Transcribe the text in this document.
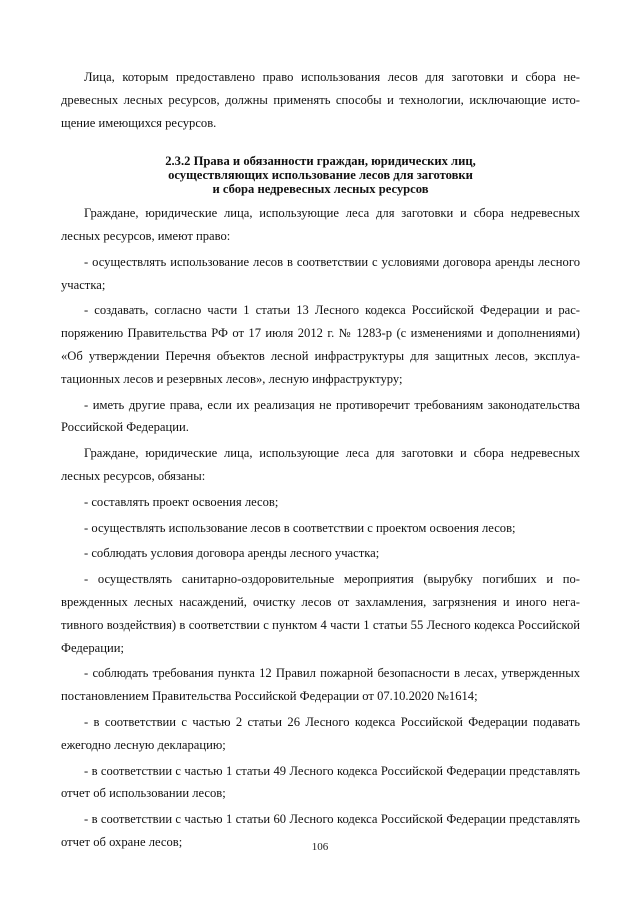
Лица, которым предоставлено право использования лесов для заготовки и сбора недревесных лесных ресурсов, должны применять способы и технологии, исключающие истощение имеющихся ресурсов.

2.3.2 Права и обязанности граждан, юридических лиц,
осуществляющих использование лесов для заготовки
и сбора недревесных лесных ресурсов

Граждане, юридические лица, использующие леса для заготовки и сбора недревесных лесных ресурсов, имеют право:

- осуществлять использование лесов в соответствии с условиями договора аренды лесного участка;

- создавать, согласно части 1 статьи 13 Лесного кодекса Российской Федерации и распоряжению Правительства РФ от 17 июля 2012 г. № 1283-р (с изменениями и дополнениями) «Об утверждении Перечня объектов лесной инфраструктуры для защитных лесов, эксплуатационных лесов и резервных лесов», лесную инфраструктуру;

- иметь другие права, если их реализация не противоречит требованиям законодательства Российской Федерации.

Граждане, юридические лица, использующие леса для заготовки и сбора недревесных лесных ресурсов, обязаны:

- составлять проект освоения лесов;

- осуществлять использование лесов в соответствии с проектом освоения лесов;

- соблюдать условия договора аренды лесного участка;

- осуществлять санитарно-оздоровительные мероприятия (вырубку погибших и поврежденных лесных насаждений, очистку лесов от захламления, загрязнения и иного негативного воздействия) в соответствии с пунктом 4 части 1 статьи 55 Лесного кодекса Российской Федерации;

- соблюдать требования пункта 12 Правил пожарной безопасности в лесах, утвержденных постановлением Правительства Российской Федерации от 07.10.2020 №1614;

- в соответствии с частью 2 статьи 26 Лесного кодекса Российской Федерации подавать ежегодно лесную декларацию;

- в соответствии с частью 1 статьи 49 Лесного кодекса Российской Федерации представлять отчет об использовании лесов;

- в соответствии с частью 1 статьи 60 Лесного кодекса Российской Федерации представлять отчет об охране лесов;	106
